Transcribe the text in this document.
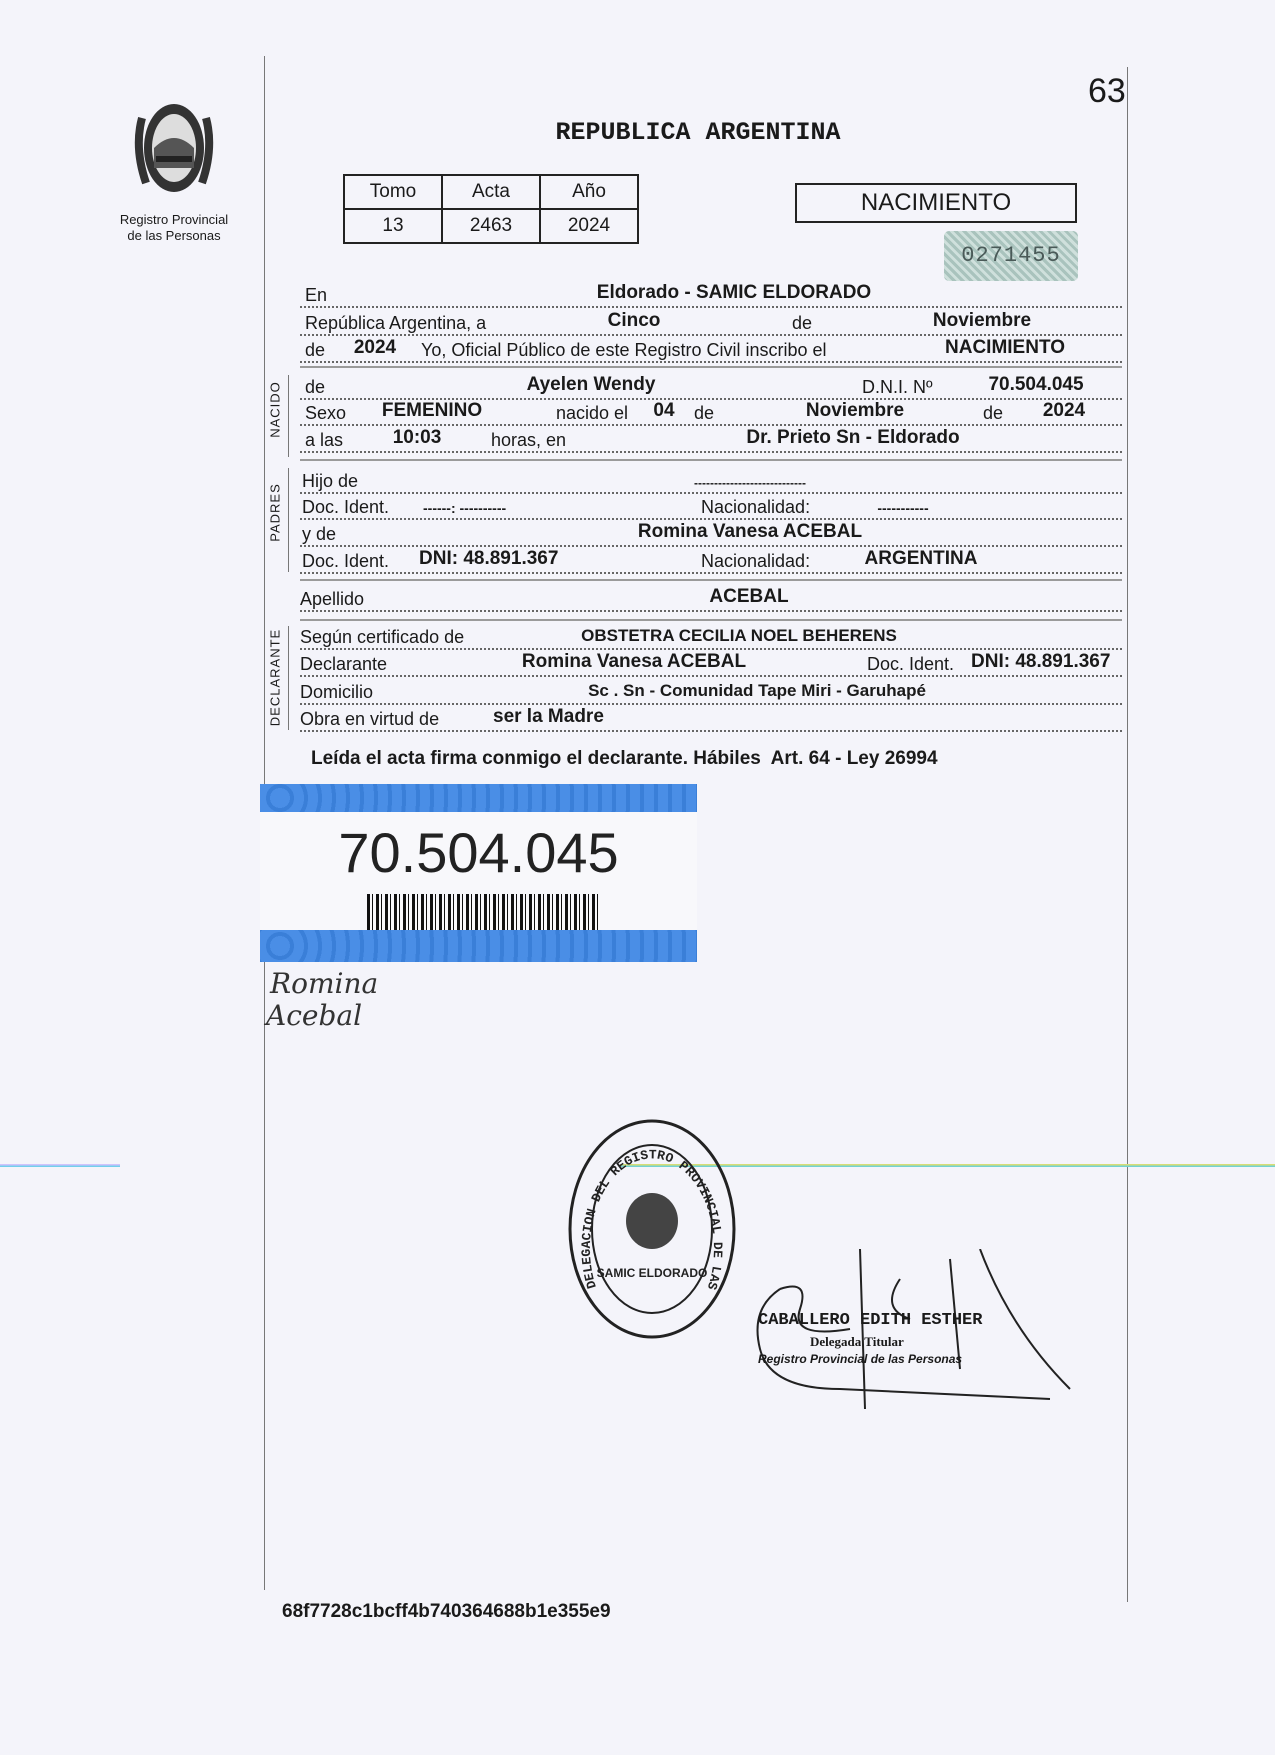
63
Registro Provincial
de las Personas
REPUBLICA ARGENTINA
Tomo	Acta	Año
13	2463	2024
NACIMIENTO
0271455
En	Eldorado - SAMIC ELDORADO
República Argentina, a	Cinco	de	Noviembre
de 2024 Yo, Oficial Público de este Registro Civil inscribo el	NACIMIENTO
NACIDO de	Ayelen Wendy	D.N.I. Nº	70.504.045
Sexo FEMENINO	nacido el 04 de	Noviembre	de 2024
a las	10:03	horas, en	Dr. Prieto Sn - Eldorado
PADRES
Hijo de	----------------------------
Doc. Ident. ------: ----------	Nacionalidad:	-----------
y de	Romina Vanesa ACEBAL
Doc. Ident. DNI: 48.891.367	Nacionalidad:	ARGENTINA
Apellido	ACEBAL
DECLARANTE Según certificado de	OBSTETRA CECILIA NOEL BEHERENS
Declarante	Romina Vanesa ACEBAL	Doc. Ident. DNI: 48.891.367
Domicilio	Sc . Sn - Comunidad Tape Miri - Garuhapé
Obra en virtud de	ser la Madre
Leída el acta firma conmigo el declarante. Hábiles  Art. 64 - Ley 26994
70.504.045
Romina
Acebal
DELEGACION DEL REGISTRO PROVINCIAL DE LAS
SAMIC ELDORADO
CABALLERO EDITH ESTHER
Delegada Titular
Registro Provincial de las Personas
68f7728c1bcff4b740364688b1e355e9
